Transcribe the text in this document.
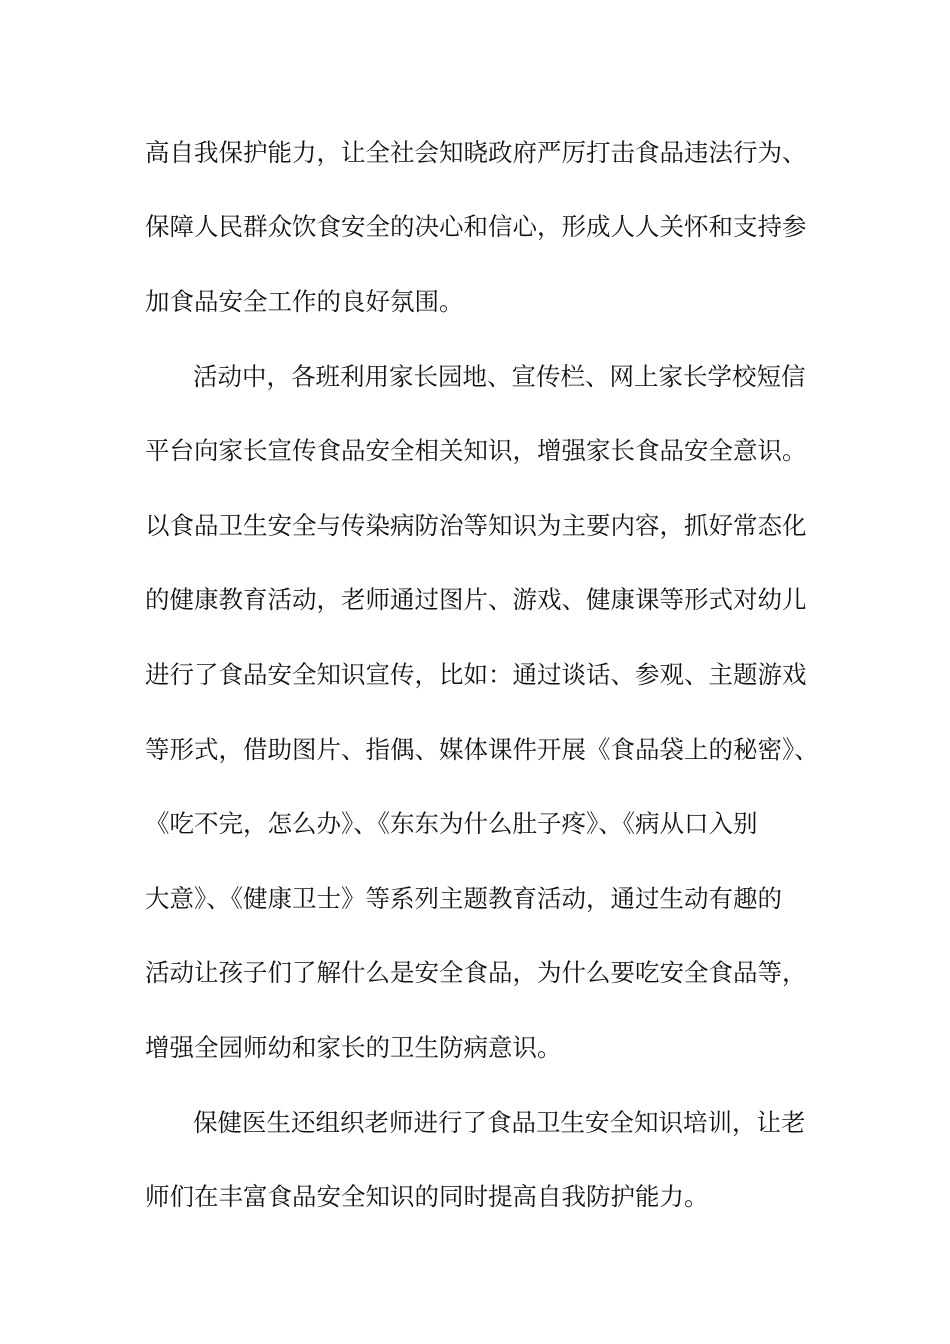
高自我保护能力，让全社会知晓政府严厉打击食品违法行为、
保障人民群众饮食安全的决心和信心，形成人人关怀和支持参
加食品安全工作的良好氛围。
活动中，各班利用家长园地、宣传栏、网上家长学校短信
平台向家长宣传食品安全相关知识，增强家长食品安全意识。
以食品卫生安全与传染病防治等知识为主要内容，抓好常态化
的健康教育活动，老师通过图片、游戏、健康课等形式对幼儿
进行了食品安全知识宣传，比如：通过谈话、参观、主题游戏
等形式，借助图片、指偶、媒体课件开展《食品袋上的秘密》、
《吃不完，怎么办》、《东东为什么肚子疼》、《病从口入别
大意》、《健康卫士》等系列主题教育活动，通过生动有趣的
活动让孩子们了解什么是安全食品，为什么要吃安全食品等，
增强全园师幼和家长的卫生防病意识。
保健医生还组织老师进行了食品卫生安全知识培训，让老
师们在丰富食品安全知识的同时提高自我防护能力。
